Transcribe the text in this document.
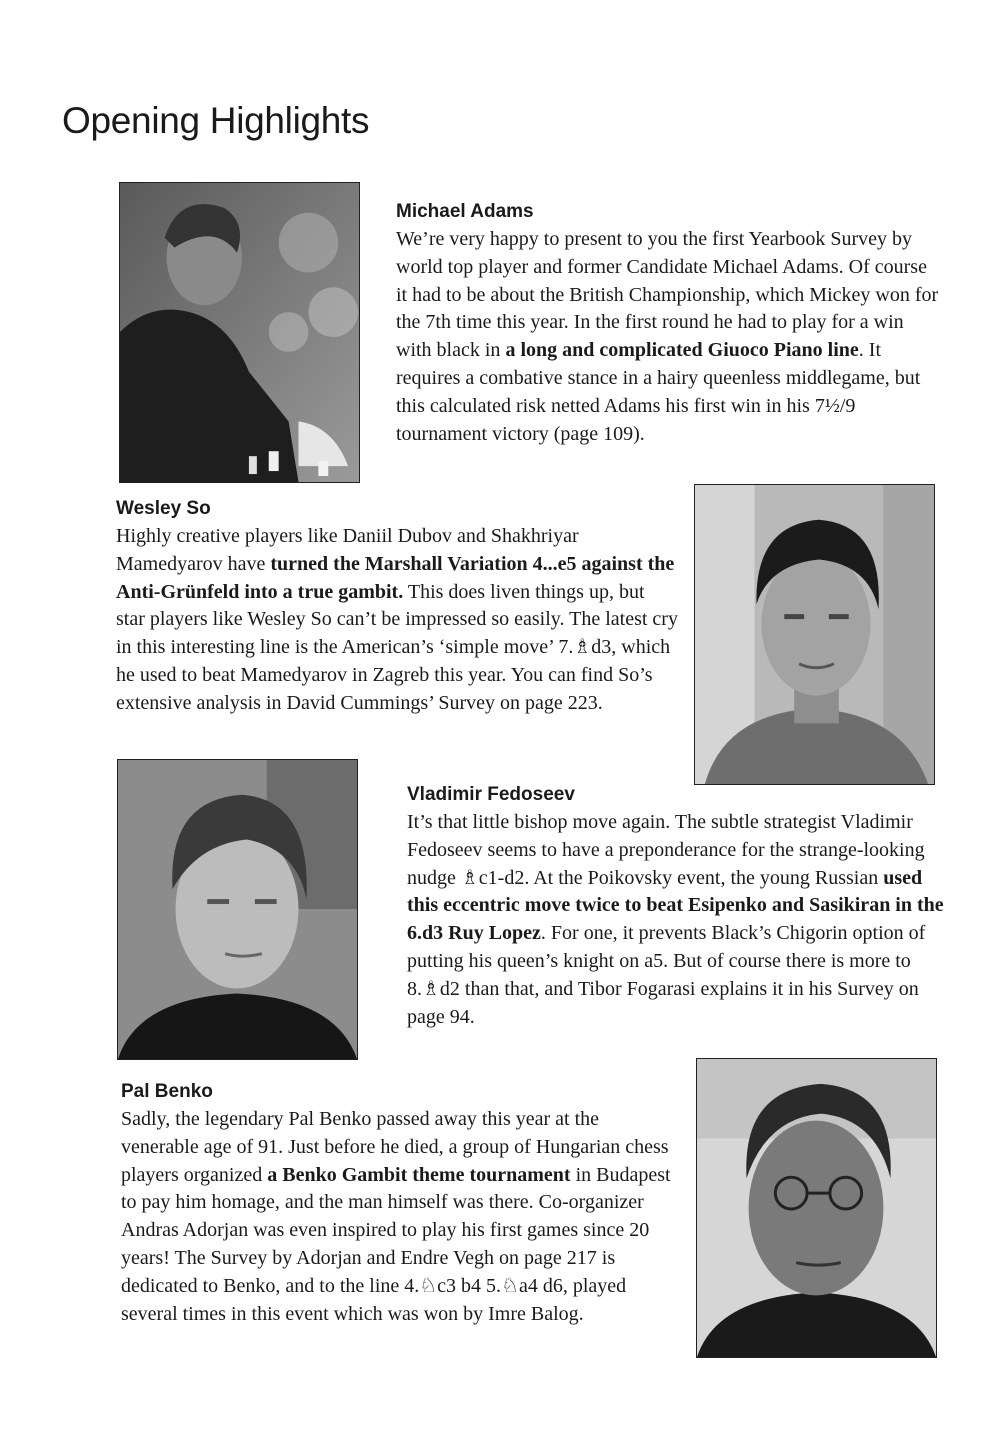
Opening Highlights
Michael Adams

We’re very happy to present to you the first Yearbook Survey by world top player and former Candidate Michael Adams. Of course it had to be about the British Championship, which Mickey won for the 7th time this year. In the first round he had to play for a win with black in a long and complicated Giuoco Piano line. It requires a combative stance in a hairy queenless middlegame, but this calculated risk netted Adams his first win in his 7½/9 tournament victory (page 109).

Wesley So

Highly creative players like Daniil Dubov and Shakhriyar Mamedyarov have turned the Marshall Variation 4...e5 against the Anti-Grünfeld into a true gambit. This does liven things up, but star players like Wesley So can’t be impressed so easily. The latest cry in this interesting line is the American’s ‘simple move’ 7.♗d3, which he used to beat Mamedyarov in Zagreb this year. You can find So’s extensive analysis in David Cummings’ Survey on page 223.

Vladimir Fedoseev

It’s that little bishop move again. The subtle strategist Vladimir Fedoseev seems to have a preponderance for the strange-looking nudge ♗c1-d2. At the Poikovsky event, the young Russian used this eccentric move twice to beat Esipenko and Sasikiran in the 6.d3 Ruy Lopez. For one, it prevents Black’s Chigorin option of putting his queen’s knight on a5. But of course there is more to 8.♗d2 than that, and Tibor Fogarasi explains it in his Survey on page 94.

Pal Benko

Sadly, the legendary Pal Benko passed away this year at the venerable age of 91. Just before he died, a group of Hungarian chess players organized a Benko Gambit theme tournament in Budapest to pay him homage, and the man himself was there. Co-organizer Andras Adorjan was even inspired to play his first games since 20 years! The Survey by Adorjan and Endre Vegh on page 217 is dedicated to Benko, and to the line 4.♘c3 b4 5.♘a4 d6, played several times in this event which was won by Imre Balog.
